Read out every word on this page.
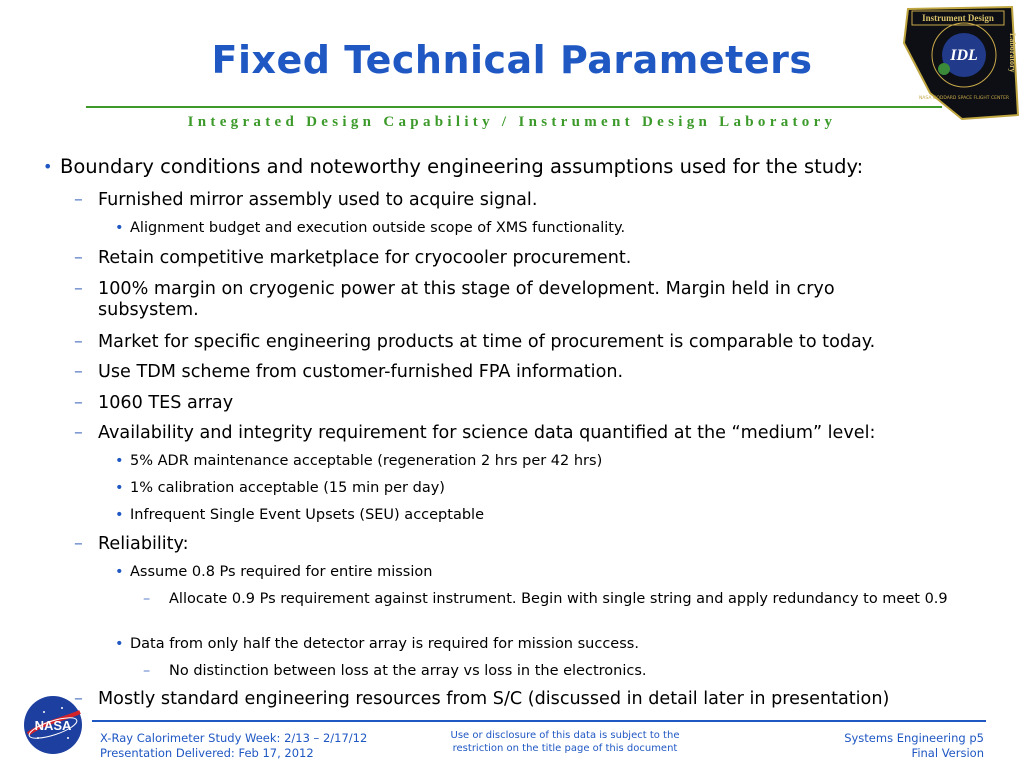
Fixed Technical Parameters
Integrated Design Capability / Instrument Design Laboratory
Instrument Design
Laboratory
IDL
NASA GODDARD SPACE FLIGHT CENTER
• Boundary conditions and noteworthy engineering assumptions used for the study:
– Furnished mirror assembly used to acquire signal.
• Alignment budget and execution outside scope of XMS functionality.
– Retain competitive marketplace for cryocooler procurement.
– 100% margin on cryogenic power at this stage of development. Margin held in cryo subsystem.
– Market for specific engineering products at time of procurement is comparable to today.
– Use TDM scheme from customer-furnished FPA information.
– 1060 TES array
– Availability and integrity requirement for science data quantified at the “medium” level:
• 5% ADR maintenance acceptable (regeneration 2 hrs per 42 hrs)
• 1% calibration acceptable (15 min per day)
• Infrequent Single Event Upsets (SEU) acceptable
– Reliability:
• Assume 0.8 Ps required for entire mission
– Allocate 0.9 Ps requirement against instrument. Begin with single string and apply redundancy to meet 0.9
• Data from only half the detector array is required for mission success.
– No distinction between loss at the array vs loss in the electronics.
– Mostly standard engineering resources from S/C (discussed in detail later in presentation)
NASA
X-Ray Calorimeter Study Week: 2/13 – 2/17/12
Presentation Delivered: Feb 17, 2012
Use or disclosure of this data is subject to the
restriction on the title page of this document
Systems Engineering p5
Final Version
